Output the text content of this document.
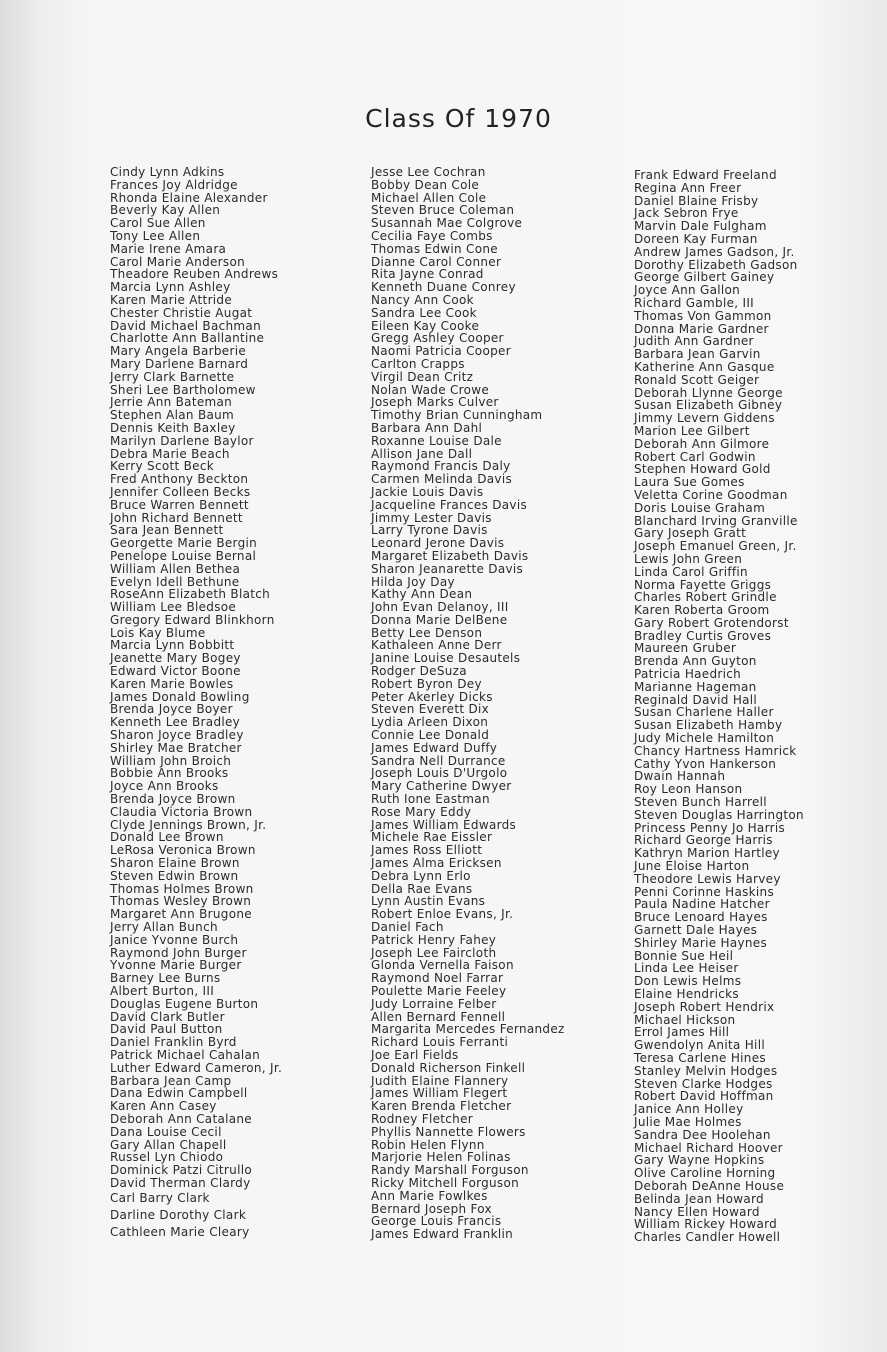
Class Of 1970
Cindy Lynn Adkins
Frances Joy Aldridge
Rhonda Elaine Alexander
Beverly Kay Allen
Carol Sue Allen
Tony Lee Allen
Marie Irene Amara
Carol Marie Anderson
Theadore Reuben Andrews
Marcia Lynn Ashley
Karen Marie Attride
Chester Christie Augat
David Michael Bachman
Charlotte Ann Ballantine
Mary Angela Barberie
Mary Darlene Barnard
Jerry Clark Barnette
Sheri Lee Bartholomew
Jerrie Ann Bateman
Stephen Alan Baum
Dennis Keith Baxley
Marilyn Darlene Baylor
Debra Marie Beach
Kerry Scott Beck
Fred Anthony Beckton
Jennifer Colleen Becks
Bruce Warren Bennett
John Richard Bennett
Sara Jean Bennett
Georgette Marie Bergin
Penelope Louise Bernal
William Allen Bethea
Evelyn Idell Bethune
RoseAnn Elizabeth Blatch
William Lee Bledsoe
Gregory Edward Blinkhorn
Lois Kay Blume
Marcia Lynn Bobbitt
Jeanette Mary Bogey
Edward Victor Boone
Karen Marie Bowles
James Donald Bowling
Brenda Joyce Boyer
Kenneth Lee Bradley
Sharon Joyce Bradley
Shirley Mae Bratcher
William John Broich
Bobbie Ann Brooks
Joyce Ann Brooks
Brenda Joyce Brown
Claudia Victoria Brown
Clyde Jennings Brown, Jr.
Donald Lee Brown
LeRosa Veronica Brown
Sharon Elaine Brown
Steven Edwin Brown
Thomas Holmes Brown
Thomas Wesley Brown
Margaret Ann Brugone
Jerry Allan Bunch
Janice Yvonne Burch
Raymond John Burger
Yvonne Marie Burger
Barney Lee Burns
Albert Burton, III
Douglas Eugene Burton
David Clark Butler
David Paul Button
Daniel Franklin Byrd
Patrick Michael Cahalan
Luther Edward Cameron, Jr.
Barbara Jean Camp
Dana Edwin Campbell
Karen Ann Casey
Deborah Ann Catalane
Dana Louise Cecil
Gary Allan Chapell
Russel Lyn Chiodo
Dominick Patzi Citrullo
David Therman Clardy
Carl Barry Clark
Darline Dorothy Clark
Cathleen Marie Cleary
Jesse Lee Cochran
Bobby Dean Cole
Michael Allen Cole
Steven Bruce Coleman
Susannah Mae Colgrove
Cecilia Faye Combs
Thomas Edwin Cone
Dianne Carol Conner
Rita Jayne Conrad
Kenneth Duane Conrey
Nancy Ann Cook
Sandra Lee Cook
Eileen Kay Cooke
Gregg Ashley Cooper
Naomi Patricia Cooper
Carlton Crapps
Virgil Dean Critz
Nolan Wade Crowe
Joseph Marks Culver
Timothy Brian Cunningham
Barbara Ann Dahl
Roxanne Louise Dale
Allison Jane Dall
Raymond Francis Daly
Carmen Melinda Davis
Jackie Louis Davis
Jacqueline Frances Davis
Jimmy Lester Davis
Larry Tyrone Davis
Leonard Jerone Davis
Margaret Elizabeth Davis
Sharon Jeanarette Davis
Hilda Joy Day
Kathy Ann Dean
John Evan Delanoy, III
Donna Marie DelBene
Betty Lee Denson
Kathaleen Anne Derr
Janine Louise Desautels
Rodger DeSuza
Robert Byron Dey
Peter Akerley Dicks
Steven Everett Dix
Lydia Arleen Dixon
Connie Lee Donald
James Edward Duffy
Sandra Nell Durrance
Joseph Louis D'Urgolo
Mary Catherine Dwyer
Ruth Ione Eastman
Rose Mary Eddy
James William Edwards
Michele Rae Eissler
James Ross Elliott
James Alma Ericksen
Debra Lynn Erlo
Della Rae Evans
Lynn Austin Evans
Robert Enloe Evans, Jr.
Daniel Fach
Patrick Henry Fahey
Joseph Lee Faircloth
Glonda Vernella Faison
Raymond Noel Farrar
Poulette Marie Feeley
Judy Lorraine Felber
Allen Bernard Fennell
Margarita Mercedes Fernandez
Richard Louis Ferranti
Joe Earl Fields
Donald Richerson Finkell
Judith Elaine Flannery
James William Flegert
Karen Brenda Fletcher
Rodney Fletcher
Phyllis Nannette Flowers
Robin Helen Flynn
Marjorie Helen Folinas
Randy Marshall Forguson
Ricky Mitchell Forguson
Ann Marie Fowlkes
Bernard Joseph Fox
George Louis Francis
James Edward Franklin
Frank Edward Freeland
Regina Ann Freer
Daniel Blaine Frisby
Jack Sebron Frye
Marvin Dale Fulgham
Doreen Kay Furman
Andrew James Gadson, Jr.
Dorothy Elizabeth Gadson
George Gilbert Gainey
Joyce Ann Gallon
Richard Gamble, III
Thomas Von Gammon
Donna Marie Gardner
Judith Ann Gardner
Barbara Jean Garvin
Katherine Ann Gasque
Ronald Scott Geiger
Deborah Llynne George
Susan Elizabeth Gibney
Jimmy Levern Giddens
Marion Lee Gilbert
Deborah Ann Gilmore
Robert Carl Godwin
Stephen Howard Gold
Laura Sue Gomes
Veletta Corine Goodman
Doris Louise Graham
Blanchard Irving Granville
Gary Joseph Gratt
Joseph Emanuel Green, Jr.
Lewis John Green
Linda Carol Griffin
Norma Fayette Griggs
Charles Robert Grindle
Karen Roberta Groom
Gary Robert Grotendorst
Bradley Curtis Groves
Maureen Gruber
Brenda Ann Guyton
Patricia Haedrich
Marianne Hageman
Reginald David Hall
Susan Charlene Haller
Susan Elizabeth Hamby
Judy Michele Hamilton
Chancy Hartness Hamrick
Cathy Yvon Hankerson
Dwain Hannah
Roy Leon Hanson
Steven Bunch Harrell
Steven Douglas Harrington
Princess Penny Jo Harris
Richard George Harris
Kathryn Marion Hartley
June Eloise Harton
Theodore Lewis Harvey
Penni Corinne Haskins
Paula Nadine Hatcher
Bruce Lenoard Hayes
Garnett Dale Hayes
Shirley Marie Haynes
Bonnie Sue Heil
Linda Lee Heiser
Don Lewis Helms
Elaine Hendricks
Joseph Robert Hendrix
Michael Hickson
Errol James Hill
Gwendolyn Anita Hill
Teresa Carlene Hines
Stanley Melvin Hodges
Steven Clarke Hodges
Robert David Hoffman
Janice Ann Holley
Julie Mae Holmes
Sandra Dee Hoolehan
Michael Richard Hoover
Gary Wayne Hopkins
Olive Caroline Horning
Deborah DeAnne House
Belinda Jean Howard
Nancy Ellen Howard
William Rickey Howard
Charles Candler Howell
